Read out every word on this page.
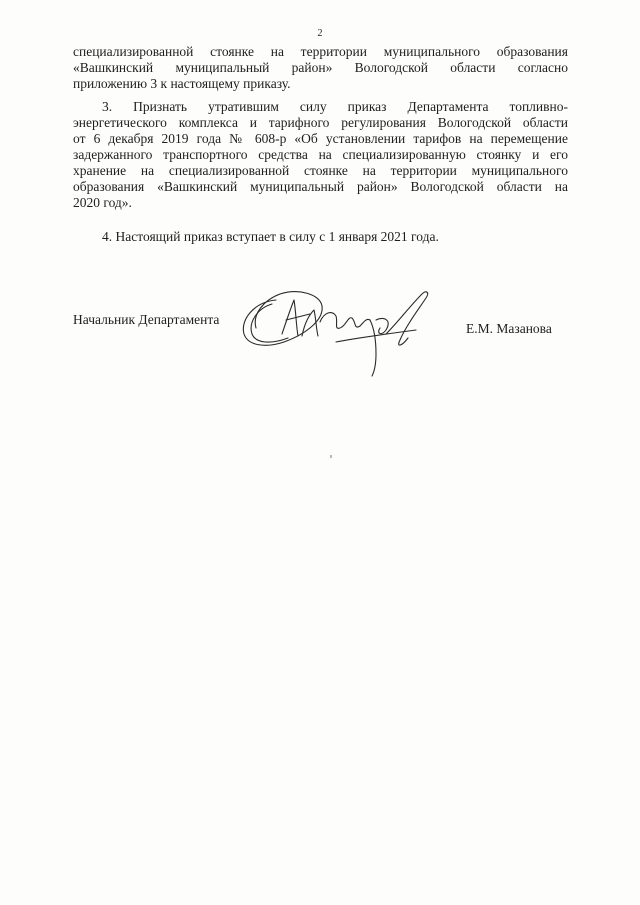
2
специализированной стоянке на территории муниципального образования
«Вашкинский муниципальный район» Вологодской области согласно
приложению 3 к настоящему приказу.
3. Признать утратившим силу приказ Департамента топливно-
энергетического комплекса и тарифного регулирования Вологодской области
от 6 декабря 2019 года № 608-р «Об установлении тарифов на перемещение
задержанного транспортного средства на специализированную стоянку и его
хранение на специализированной стоянке на территории муниципального
образования «Вашкинский муниципальный район» Вологодской области на
2020 год».
4. Настоящий приказ вступает в силу с 1 января 2021 года.
Начальник Департамента
Е.М. Мазанова
